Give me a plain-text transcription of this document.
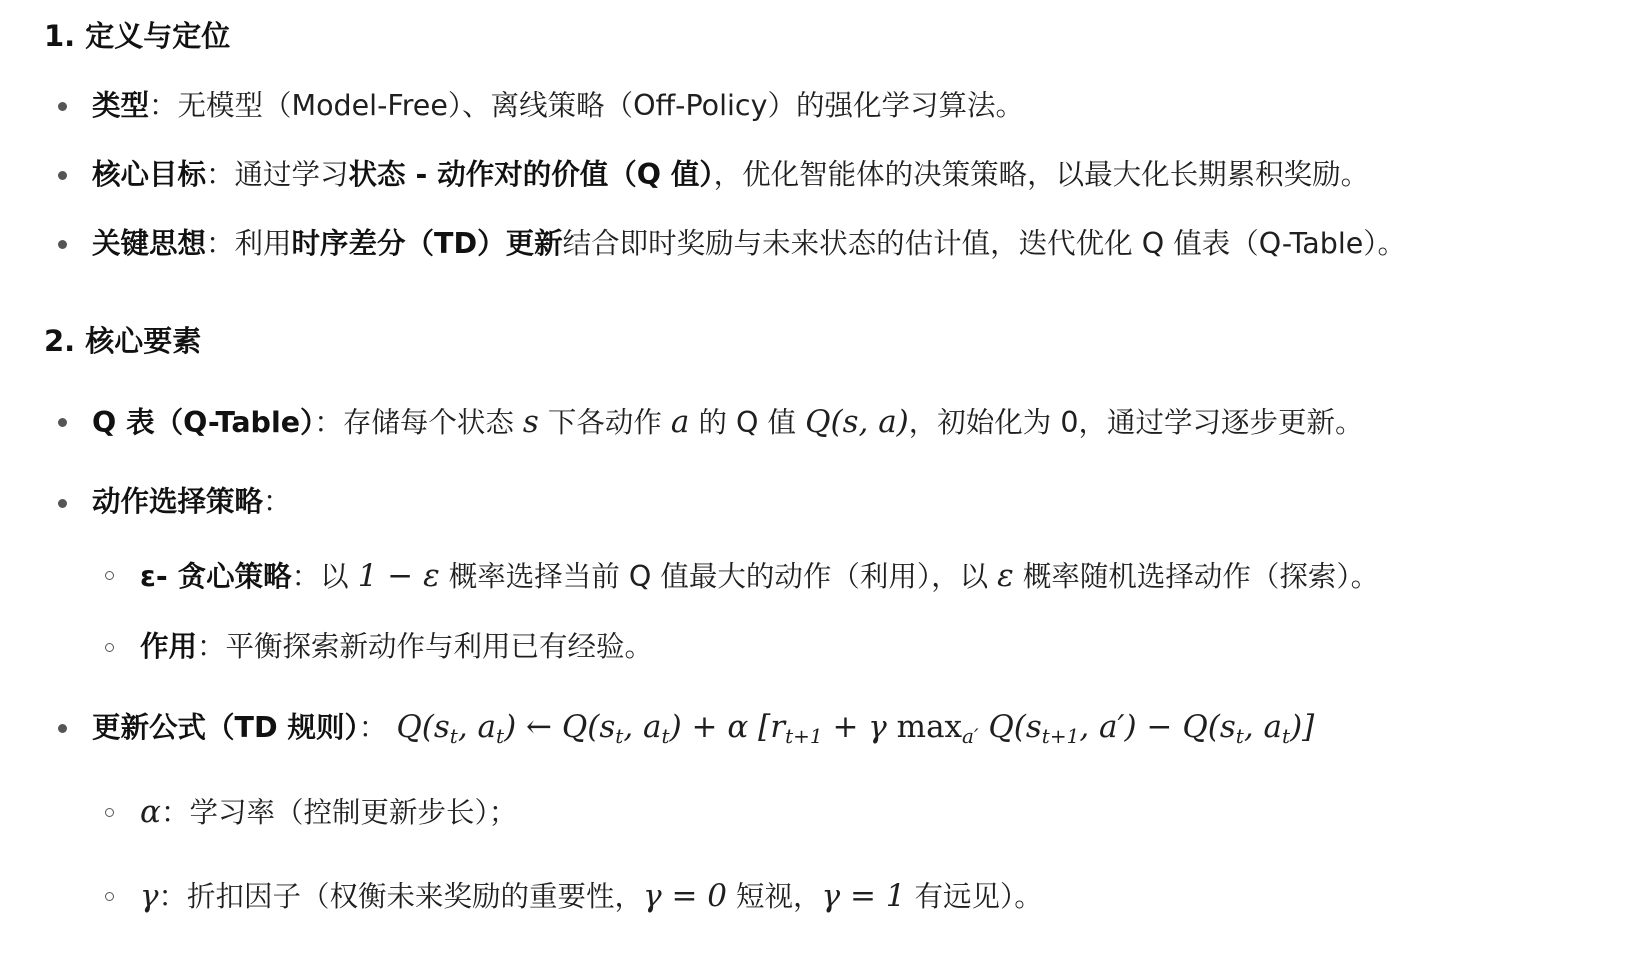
1. 定义与定位
类型：无模型（Model-Free）、离线策略（Off-Policy）的强化学习算法。
核心目标：通过学习状态 - 动作对的价值（Q 值），优化智能体的决策策略，以最大化长期累积奖励。
关键思想：利用时序差分（TD）更新结合即时奖励与未来状态的估计值，迭代优化 Q 值表（Q-Table）。
2. 核心要素
Q 表（Q-Table）：存储每个状态 s 下各动作 a 的 Q 值 Q(s, a)，初始化为 0，通过学习逐步更新。
动作选择策略：
ε- 贪心策略：以 1 − ε 概率选择当前 Q 值最大的动作（利用），以 ε 概率随机选择动作（探索）。
作用：平衡探索新动作与利用已有经验。
更新公式（TD 规则）： $Q(s_t$, $a_t$) ← $Q(s_t$, $a_t) + \alpha$ [$r_{t+1} + \gamma$ $\max_{a'} Q(s_{t+1}$, $a') - Q(s_t$, $a_t$)]
α：学习率（控制更新步长）；
γ：折扣因子（权衡未来奖励的重要性，γ = 0 短视，γ = 1 有远见）。
